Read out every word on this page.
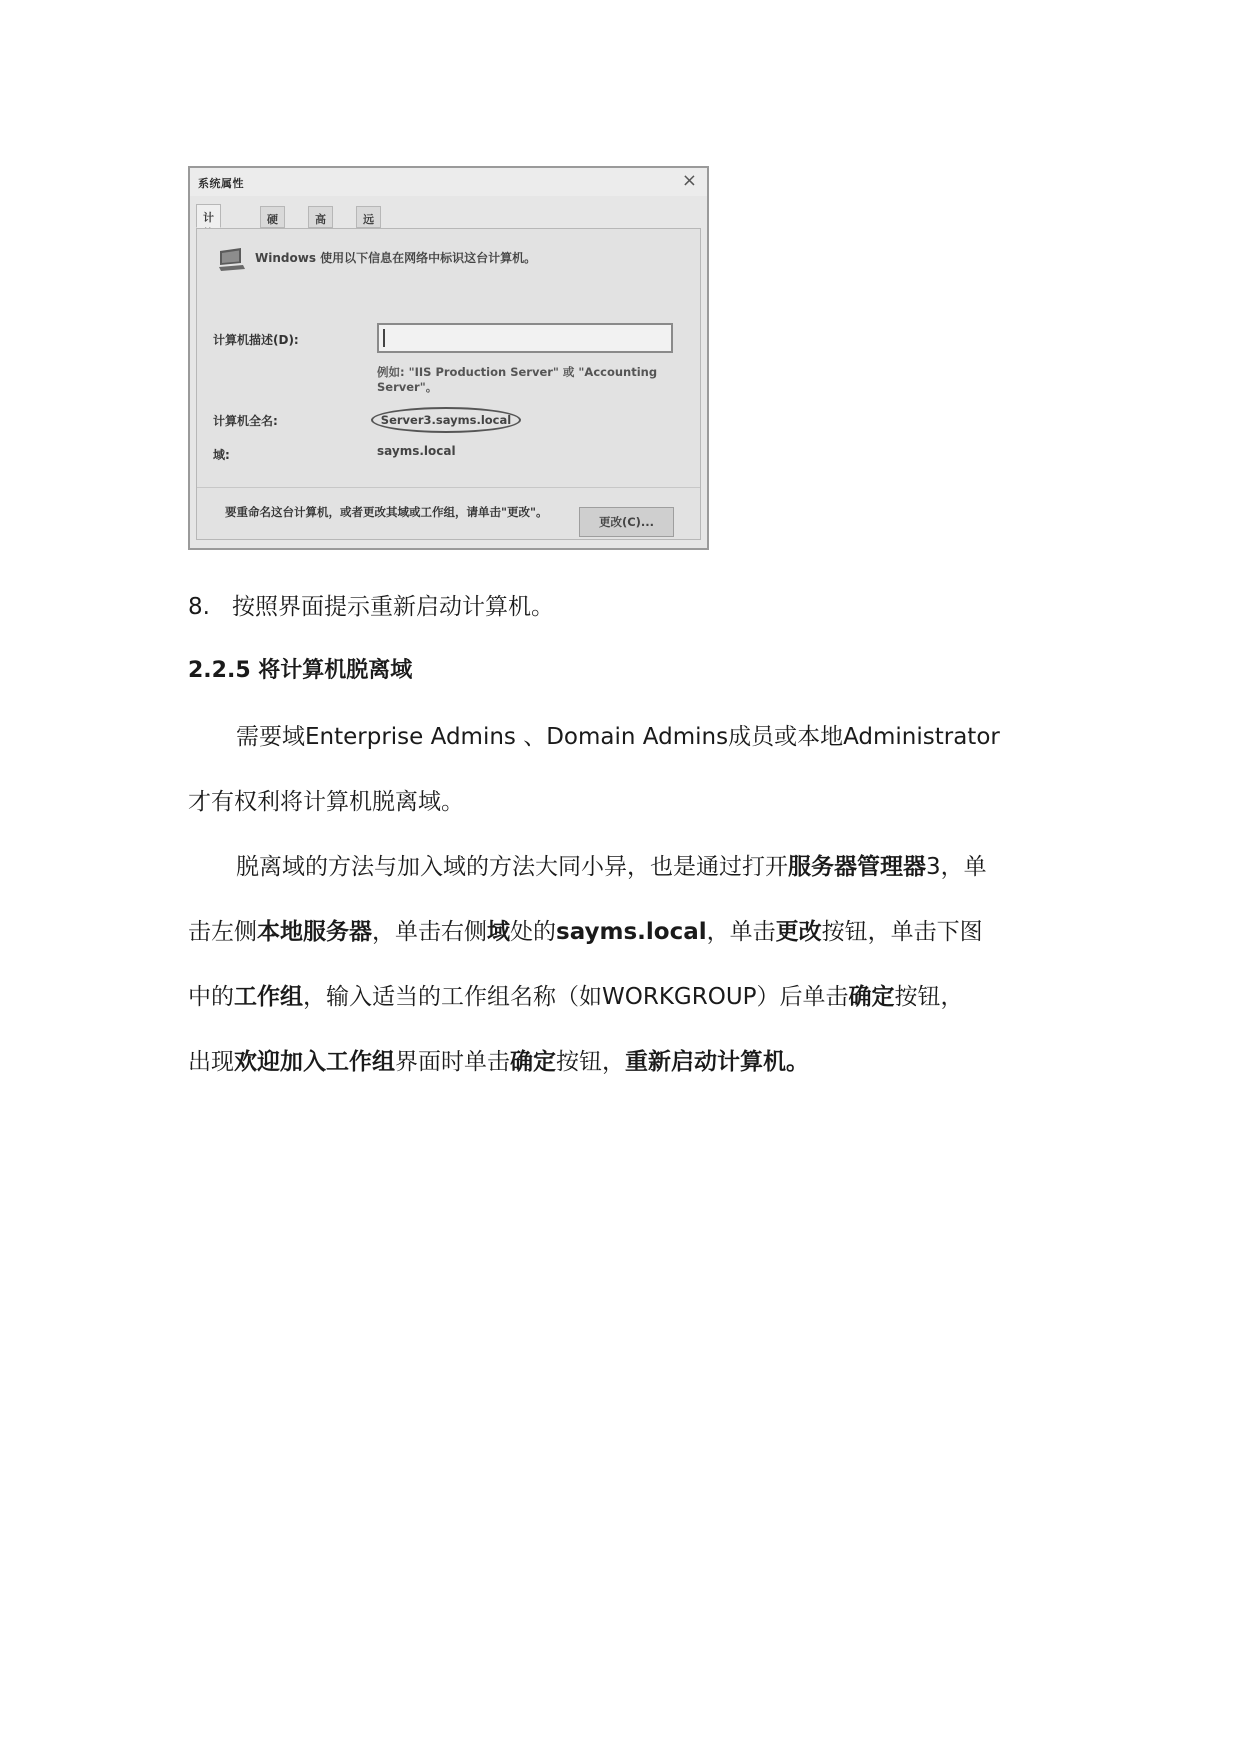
系统属性	×
计	硬	高	远
Windows 使用以下信息在网络中标识这台计算机。
计算机描述(D):
例如: "IIS Production Server" 或 "Accounting Server"。
计算机全名:	Server3.sayms.local
域:	sayms.local
要重命名这台计算机，或者更改其域或工作组，请单击"更改"。
更改(C)...
8. 按照界面提示重新启动计算机。
2.2.5 将计算机脱离域
需要域Enterprise Admins 、Domain Admins成员或本地Administrator
才有权利将计算机脱离域。
脱离域的方法与加入域的方法大同小异，也是通过打开服务器管理器3，单
击左侧本地服务器，单击右侧域处的sayms.local，单击更改按钮，单击下图
中的工作组，输入适当的工作组名称（如WORKGROUP）后单击确定按钮，
出现欢迎加入工作组界面时单击确定按钮，重新启动计算机。
